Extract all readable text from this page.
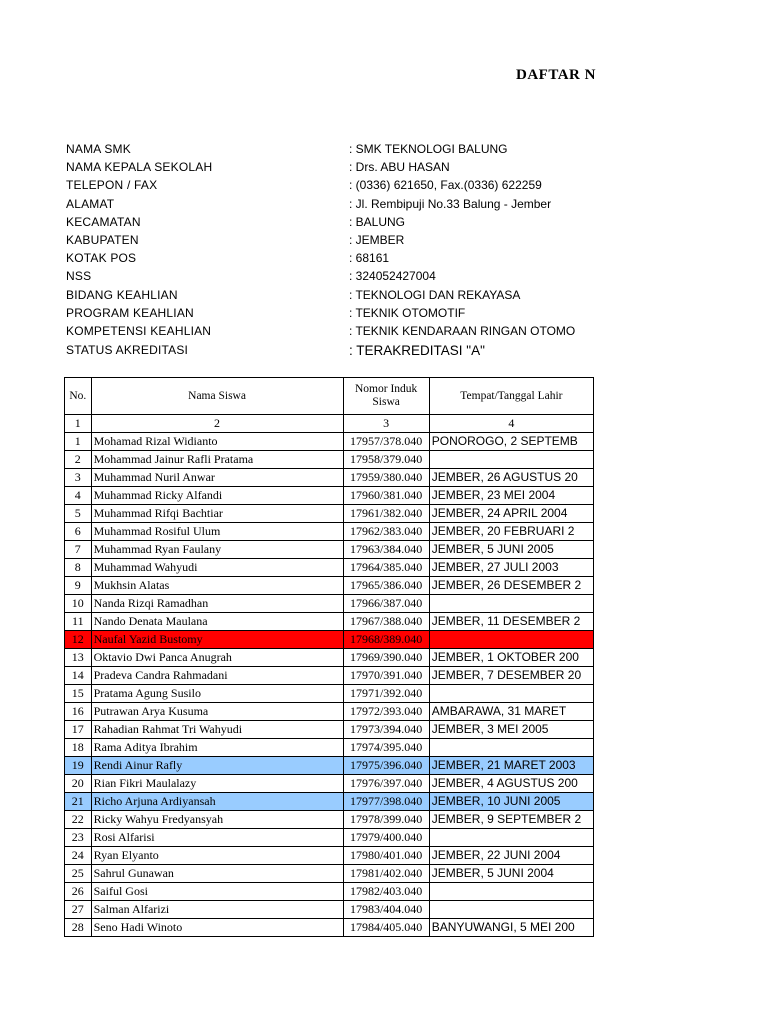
DAFTAR N
NAMA SMK	: SMK TEKNOLOGI BALUNG
NAMA KEPALA SEKOLAH	: Drs. ABU HASAN
TELEPON / FAX	: (0336) 621650, Fax.(0336) 622259
ALAMAT	: Jl. Rembipuji No.33 Balung - Jember
KECAMATAN	: BALUNG
KABUPATEN	: JEMBER
KOTAK POS	: 68161
NSS	: 324052427004
BIDANG KEAHLIAN	: TEKNOLOGI DAN REKAYASA
PROGRAM KEAHLIAN	: TEKNIK OTOMOTIF
KOMPETENSI KEAHLIAN	: TEKNIK KENDARAAN RINGAN OTOMO
STATUS AKREDITASI	: TERAKREDITASI "A"
No.	Nama Siswa	Nomor Induk Siswa	Tempat/Tanggal Lahir
1	2	3	4
1	Mohamad Rizal Widianto	17957/378.040	PONOROGO, 2 SEPTEMB
2	Mohammad Jainur Rafli Pratama	17958/379.040	
3	Muhammad Nuril Anwar	17959/380.040	JEMBER, 26 AGUSTUS 20
4	Muhammad Ricky Alfandi	17960/381.040	JEMBER, 23 MEI 2004
5	Muhammad Rifqi Bachtiar	17961/382.040	JEMBER, 24 APRIL 2004
6	Muhammad Rosiful Ulum	17962/383.040	JEMBER, 20 FEBRUARI 2
7	Muhammad Ryan Faulany	17963/384.040	JEMBER, 5 JUNI 2005
8	Muhammad Wahyudi	17964/385.040	JEMBER, 27 JULI 2003
9	Mukhsin Alatas	17965/386.040	JEMBER, 26 DESEMBER 2
10	Nanda Rizqi Ramadhan	17966/387.040	
11	Nando Denata Maulana	17967/388.040	JEMBER, 11 DESEMBER 2
12	Naufal Yazid Bustomy	17968/389.040	
13	Oktavio Dwi Panca Anugrah	17969/390.040	JEMBER, 1 OKTOBER 200
14	Pradeva Candra Rahmadani	17970/391.040	JEMBER, 7 DESEMBER 20
15	Pratama Agung Susilo	17971/392.040	
16	Putrawan Arya Kusuma	17972/393.040	AMBARAWA, 31 MARET
17	Rahadian Rahmat Tri Wahyudi	17973/394.040	JEMBER, 3 MEI 2005
18	Rama Aditya Ibrahim	17974/395.040	
19	Rendi Ainur Rafly	17975/396.040	JEMBER, 21 MARET 2003
20	Rian Fikri Maulalazy	17976/397.040	JEMBER, 4 AGUSTUS 200
21	Richo Arjuna Ardiyansah	17977/398.040	JEMBER, 10 JUNI 2005
22	Ricky Wahyu Fredyansyah	17978/399.040	JEMBER, 9 SEPTEMBER 2
23	Rosi Alfarisi	17979/400.040	
24	Ryan Elyanto	17980/401.040	JEMBER, 22 JUNI 2004
25	Sahrul Gunawan	17981/402.040	JEMBER, 5 JUNI 2004
26	Saiful Gosi	17982/403.040	
27	Salman Alfarizi	17983/404.040	
28	Seno Hadi Winoto	17984/405.040	BANYUWANGI, 5 MEI 200
